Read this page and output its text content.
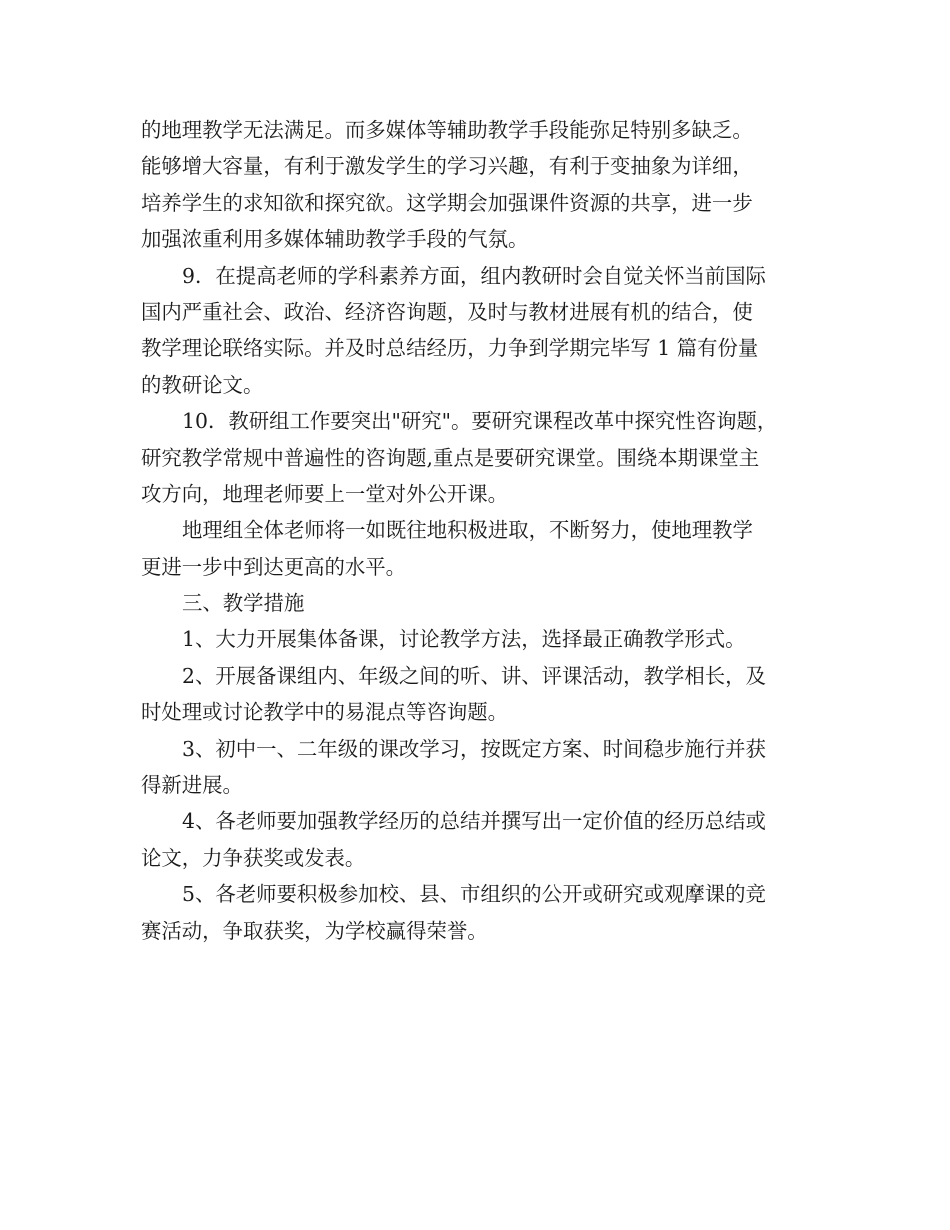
的地理教学无法满足。而多媒体等辅助教学手段能弥足特别多缺乏。
能够增大容量，有利于激发学生的学习兴趣，有利于变抽象为详细，
培养学生的求知欲和探究欲。这学期会加强课件资源的共享，进一步
加强浓重利用多媒体辅助教学手段的气氛。
9．在提高老师的学科素养方面，组内教研时会自觉关怀当前国际
国内严重社会、政治、经济咨询题，及时与教材进展有机的结合，使
教学理论联络实际。并及时总结经历，力争到学期完毕写 1 篇有份量
的教研论文。
10．教研组工作要突出"研究"。要研究课程改革中探究性咨询题，
研究教学常规中普遍性的咨询题,重点是要研究课堂。围绕本期课堂主
攻方向，地理老师要上一堂对外公开课。
地理组全体老师将一如既往地积极进取，不断努力，使地理教学
更进一步中到达更高的水平。
三、教学措施
1、大力开展集体备课，讨论教学方法，选择最正确教学形式。
2、开展备课组内、年级之间的听、讲、评课活动，教学相长，及
时处理或讨论教学中的易混点等咨询题。
3、初中一、二年级的课改学习，按既定方案、时间稳步施行并获
得新进展。
4、各老师要加强教学经历的总结并撰写出一定价值的经历总结或
论文，力争获奖或发表。
5、各老师要积极参加校、县、市组织的公开或研究或观摩课的竞
赛活动，争取获奖，为学校赢得荣誉。
